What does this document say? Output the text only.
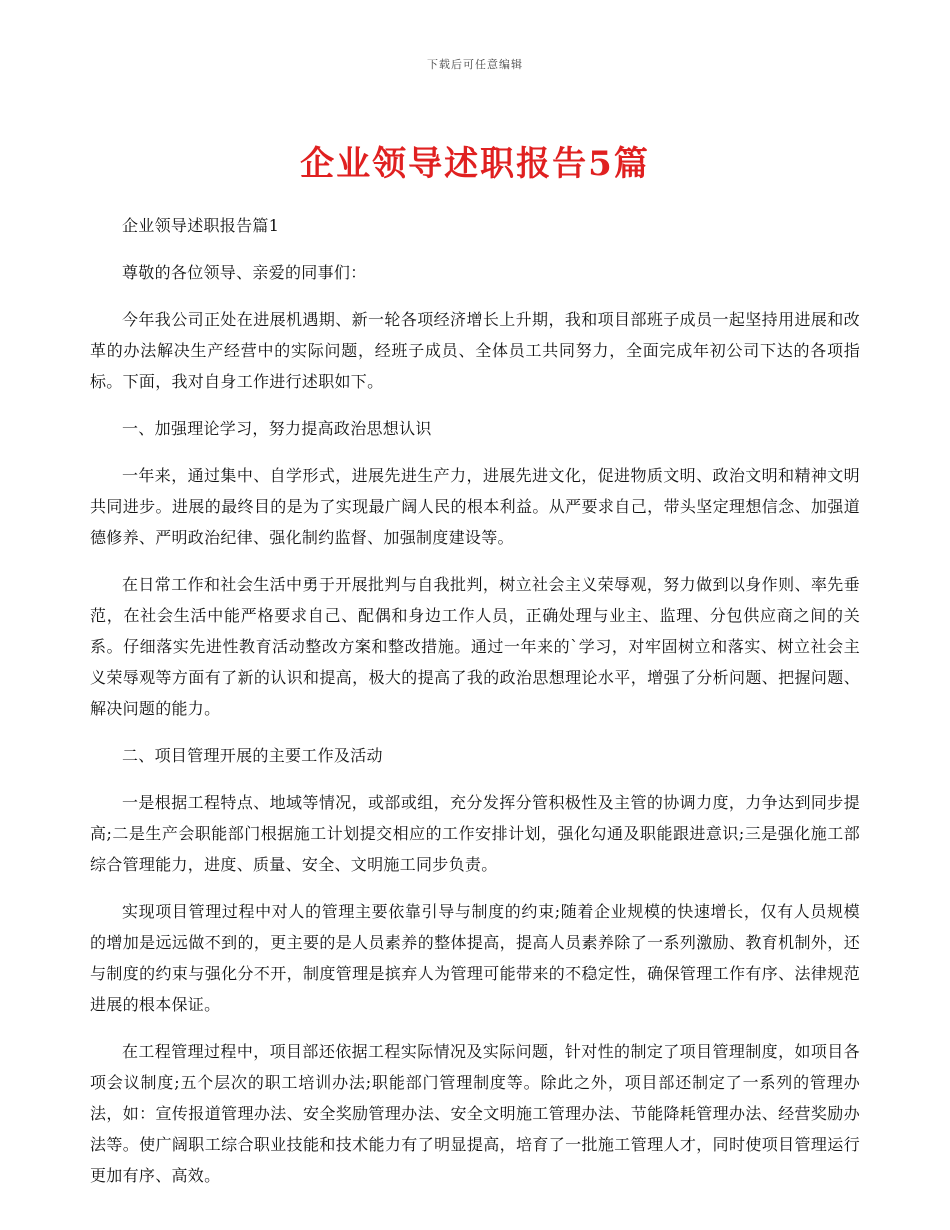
下载后可任意编辑
企业领导述职报告5篇

企业领导述职报告篇1

尊敬的各位领导、亲爱的同事们：

今年我公司正处在进展机遇期、新一轮各项经济增长上升期，我和项目部班子成员一起坚持用进展和改革的办法解决生产经营中的实际问题，经班子成员、全体员工共同努力，全面完成年初公司下达的各项指标。下面，我对自身工作进行述职如下。

一、加强理论学习，努力提高政治思想认识

一年来，通过集中、自学形式，进展先进生产力，进展先进文化，促进物质文明、政治文明和精神文明共同进步。进展的最终目的是为了实现最广阔人民的根本利益。从严要求自己，带头坚定理想信念、加强道德修养、严明政治纪律、强化制约监督、加强制度建设等。

在日常工作和社会生活中勇于开展批判与自我批判，树立社会主义荣辱观，努力做到以身作则、率先垂范，在社会生活中能严格要求自己、配偶和身边工作人员，正确处理与业主、监理、分包供应商之间的关系。仔细落实先进性教育活动整改方案和整改措施。通过一年来的`学习，对牢固树立和落实、树立社会主义荣辱观等方面有了新的认识和提高，极大的提高了我的政治思想理论水平，增强了分析问题、把握问题、解决问题的能力。

二、项目管理开展的主要工作及活动

一是根据工程特点、地域等情况，或部或组，充分发挥分管积极性及主管的协调力度，力争达到同步提高;二是生产会职能部门根据施工计划提交相应的工作安排计划，强化勾通及职能跟进意识;三是强化施工部综合管理能力，进度、质量、安全、文明施工同步负责。

实现项目管理过程中对人的管理主要依靠引导与制度的约束;随着企业规模的快速增长，仅有人员规模的增加是远远做不到的，更主要的是人员素养的整体提高，提高人员素养除了一系列激励、教育机制外，还与制度的约束与强化分不开，制度管理是摈弃人为管理可能带来的不稳定性，确保管理工作有序、法律规范进展的根本保证。

在工程管理过程中，项目部还依据工程实际情况及实际问题，针对性的制定了项目管理制度，如项目各项会议制度;五个层次的职工培训办法;职能部门管理制度等。除此之外，项目部还制定了一系列的管理办法，如：宣传报道管理办法、安全奖励管理办法、安全文明施工管理办法、节能降耗管理办法、经营奖励办法等。使广阔职工综合职业技能和技术能力有了明显提高，培育了一批施工管理人才，同时使项目管理运行更加有序、高效。
